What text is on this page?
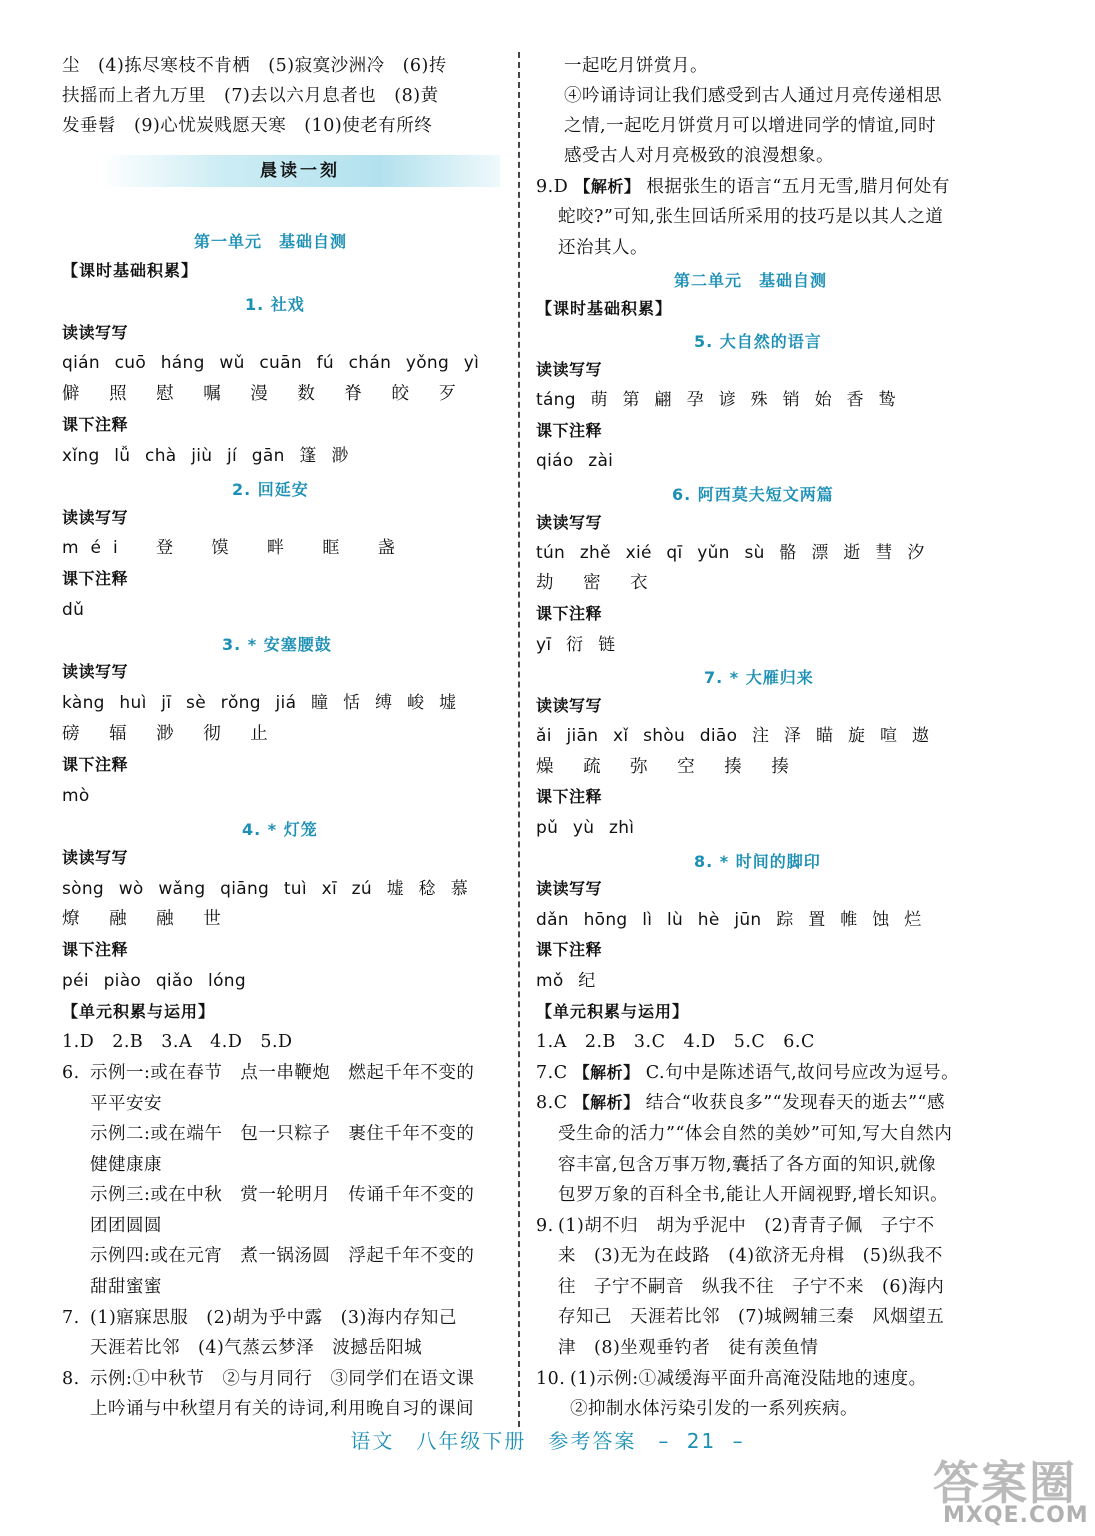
晨读一刻
尘　(4)拣尽寒枝不肯栖　(5)寂寞沙洲冷　(6)抟
扶摇而上者九万里　(7)去以六月息者也　(8)黄
发垂髫　(9)心忧炭贱愿天寒　(10)使老有所终
第一单元　基础自测
【课时基础积累】
1. 社戏
读读写写
qián cuō háng wǔ cuān fú chán yǒng yì
僻 照 慰 嘱 漫 数 脊 皎 歹
课下注释
xǐng lǚ chà jiù jí gān 篷 渺
2. 回延安
读读写写
méi 登 馍 畔 眶 盏
课下注释
dǔ
3. * 安塞腰鼓
读读写写
kàng huì jī sè rǒng jiá 瞳 恬 缚 峻 墟
磅 辐 渺 彻 止
课下注释
mò
4. * 灯笼
读读写写
sòng wò wǎng qiāng tuì xī zú 墟 稔 慕
燎 融 融 世
课下注释
péi piào qiǎo lóng
【单元积累与运用】
1.D　2.B　3.A　4.D　5.D
6. 示例一:或在春节　点一串鞭炮　燃起千年不变的
平平安安
示例二:或在端午　包一只粽子　裹住千年不变的
健健康康
示例三:或在中秋　赏一轮明月　传诵千年不变的
团团圆圆
示例四:或在元宵　煮一锅汤圆　浮起千年不变的
甜甜蜜蜜
7. (1)寤寐思服　(2)胡为乎中露　(3)海内存知己
天涯若比邻　(4)气蒸云梦泽　波撼岳阳城
8. 示例:①中秋节　②与月同行　③同学们在语文课
上吟诵与中秋望月有关的诗词,利用晚自习的课间
一起吃月饼赏月。
④吟诵诗词让我们感受到古人通过月亮传递相思
之情,一起吃月饼赏月可以增进同学的情谊,同时
感受古人对月亮极致的浪漫想象。
9.D 【解析】 根据张生的语言“五月无雪,腊月何处有
蛇咬?”可知,张生回话所采用的技巧是以其人之道
还治其人。
第二单元　基础自测
【课时基础积累】
5. 大自然的语言
读读写写
táng 萌 第 翩 孕 谚 殊 销 始 香 鸷
课下注释
qiáo zài
6. 阿西莫夫短文两篇
读读写写
tún zhě xié qī yǔn sù 骼 漂 逝 彗 汐
劫 密 衣
课下注释
yī 衍 链
7. * 大雁归来
读读写写
ǎi jiān xǐ shòu diāo 注 泽 瞄 旋 喧 遨
燥 疏 弥 空 揍 揍
课下注释
pǔ yù zhì
8. * 时间的脚印
读读写写
dǎn hōng lì lù hè jūn 踪 置 帷 蚀 烂
课下注释
mǒ 纪
【单元积累与运用】
1.A　2.B　3.C　4.D　5.C　6.C
7.C 【解析】 C.句中是陈述语气,故问号应改为逗号。
8.C 【解析】 结合“收获良多”“发现春天的逝去”“感
受生命的活力”“体会自然的美妙”可知,写大自然内
容丰富,包含万事万物,囊括了各方面的知识,就像
包罗万象的百科全书,能让人开阔视野,增长知识。
9. (1)胡不归　胡为乎泥中　(2)青青子佩　子宁不
来　(3)无为在歧路　(4)欲济无舟楫　(5)纵我不
往　子宁不嗣音　纵我不往　子宁不来　(6)海内
存知己　天涯若比邻　(7)城阙辅三秦　风烟望五
津　(8)坐观垂钓者　徒有羡鱼情
10. (1)示例:①减缓海平面升高淹没陆地的速度。
②抑制水体污染引发的一系列疾病。
语文　八年级下册　参考答案　– 21 –
答案圈
MXQE.COM
